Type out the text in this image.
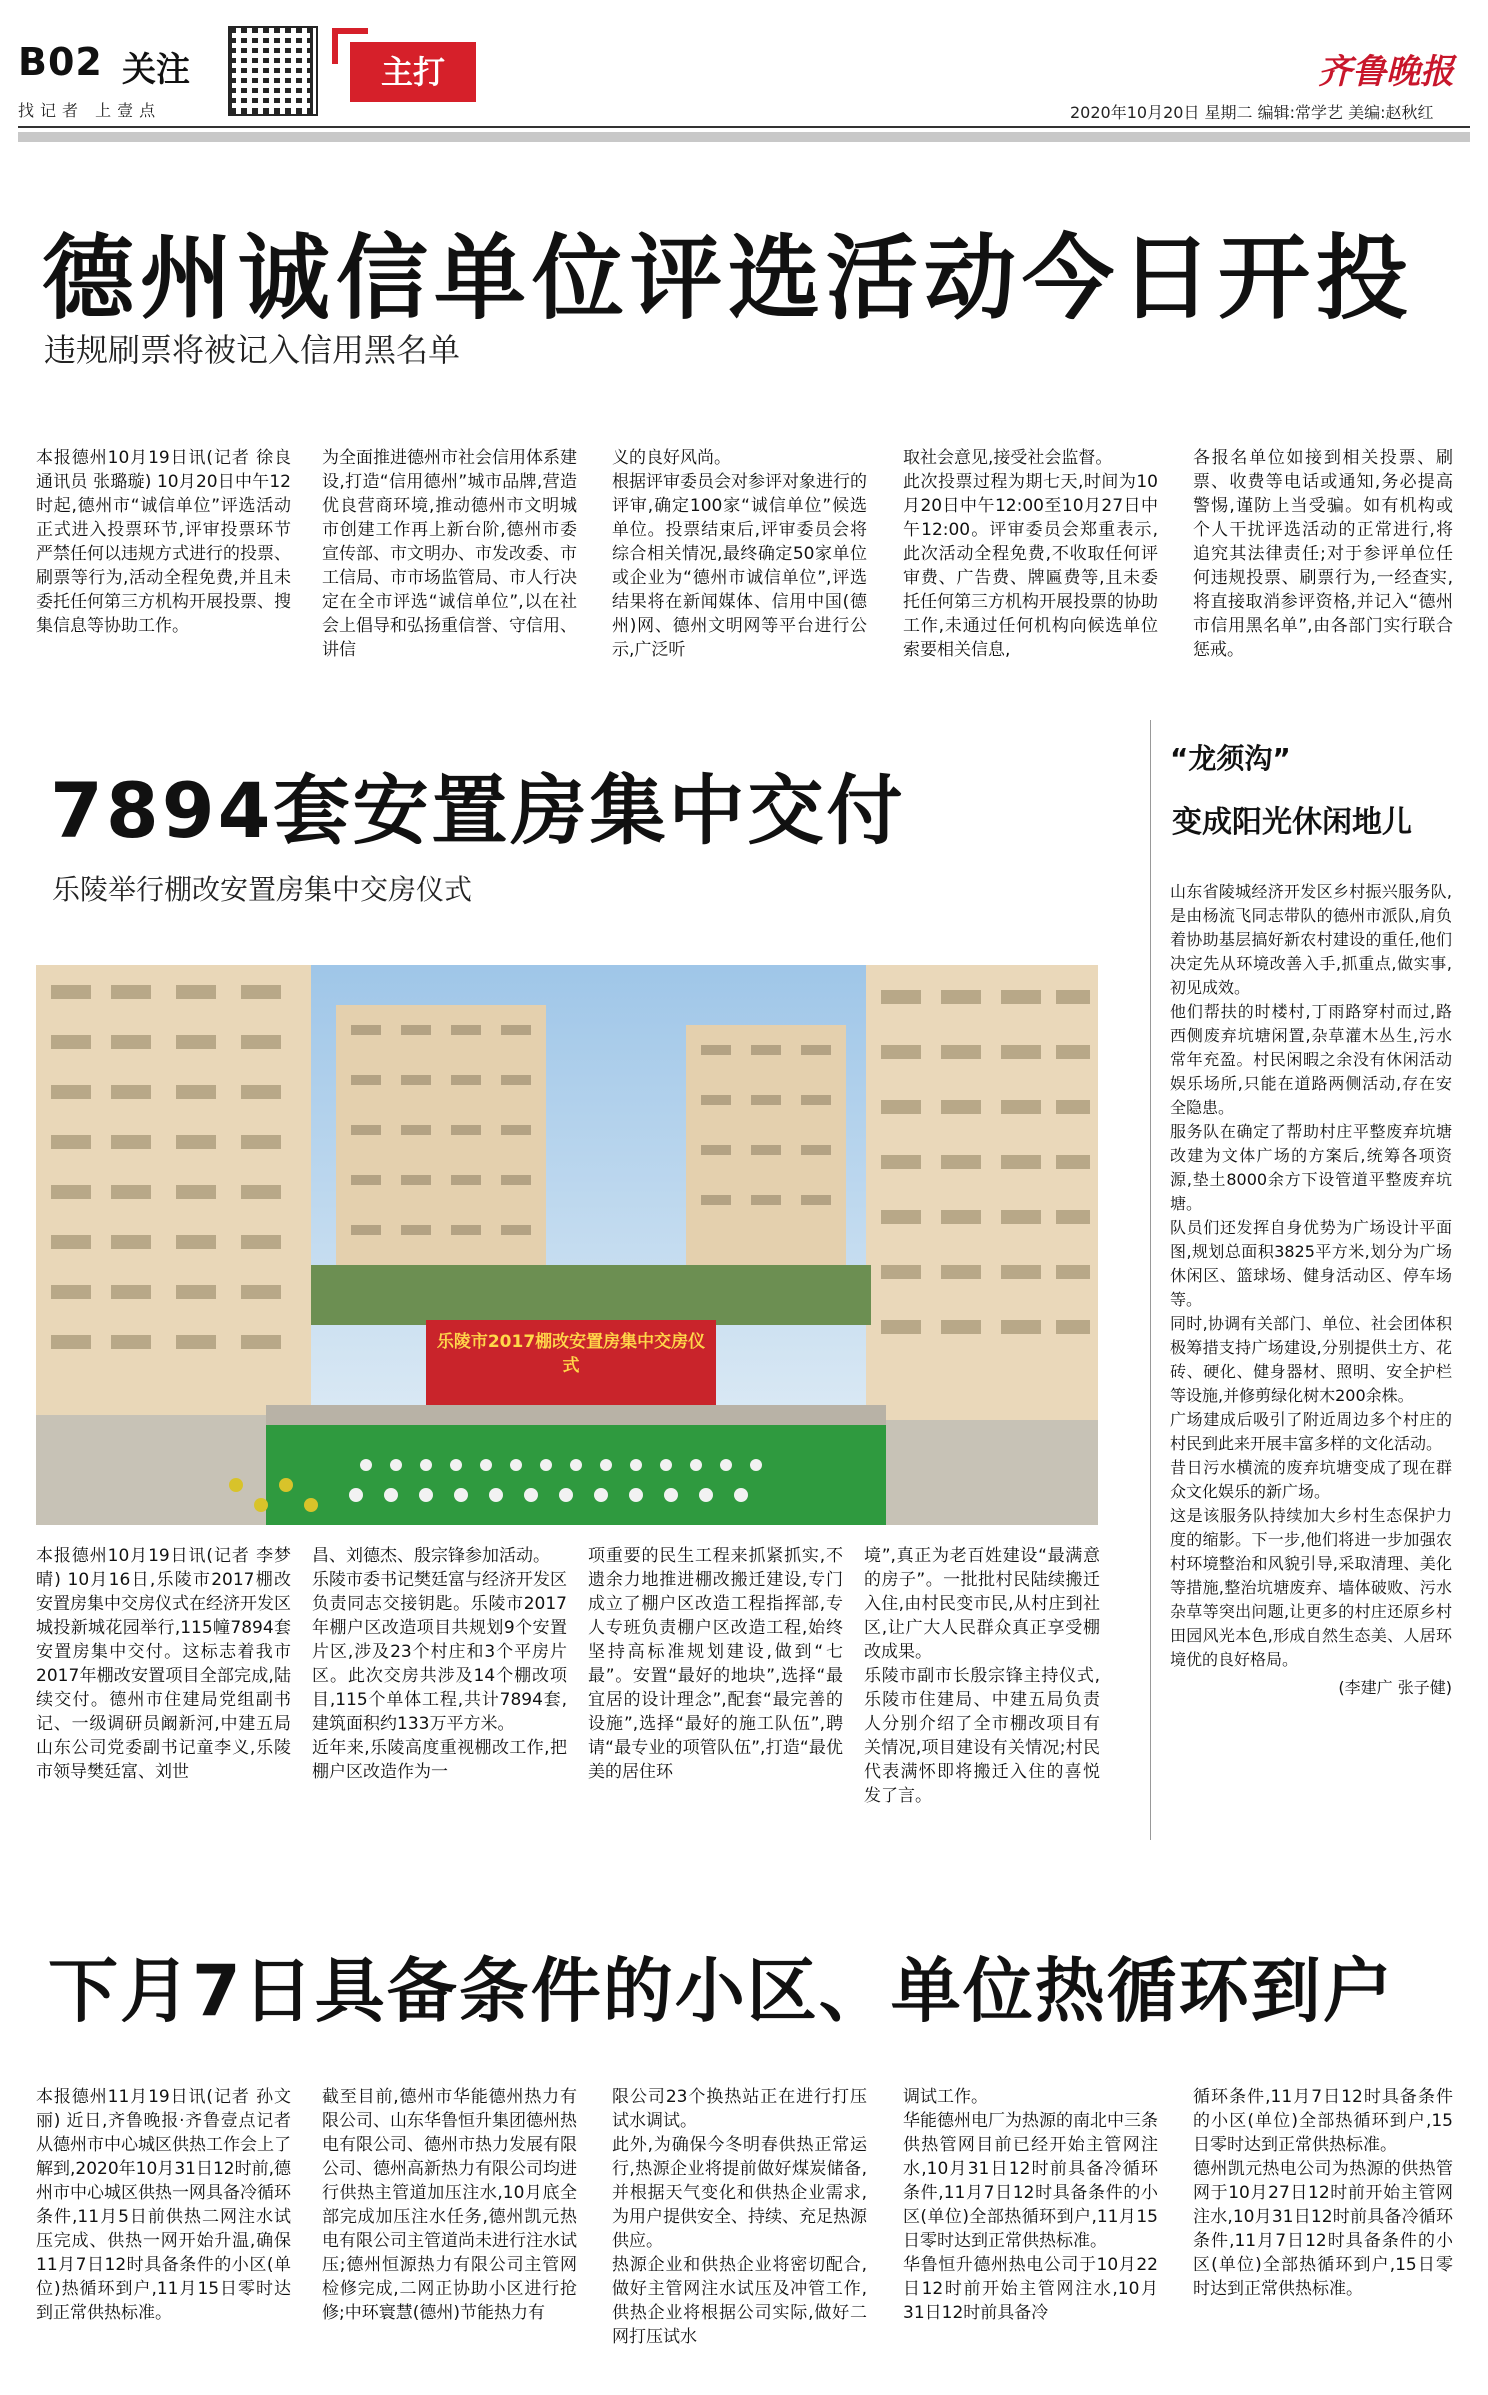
B02 关注
找记者 上壹点
主打	齐鲁晚报
2020年10月20日 星期二 编辑:常学艺 美编:赵秋红
德州诚信单位评选活动今日开投
违规刷票将被记入信用黑名单
本报德州10月19日讯(记者 徐良 通讯员 张璐璇) 10月20日中午12时起,德州市“诚信单位”评选活动正式进入投票环节,评审投票环节严禁任何以违规方式进行的投票、刷票等行为,活动全程免费,并且未委托任何第三方机构开展投票、搜集信息等协助工作。
为全面推进德州市社会信用体系建设,打造“信用德州”城市品牌,营造优良营商环境,推动德州市文明城市创建工作再上新台阶,德州市委宣传部、市文明办、市发改委、市工信局、市市场监管局、市人行决定在全市评选“诚信单位”,以在社会上倡导和弘扬重信誉、守信用、讲信
义的良好风尚。
根据评审委员会对参评对象进行的评审,确定100家“诚信单位”候选单位。投票结束后,评审委员会将综合相关情况,最终确定50家单位或企业为“德州市诚信单位”,评选结果将在新闻媒体、信用中国(德州)网、德州文明网等平台进行公示,广泛听
取社会意见,接受社会监督。
此次投票过程为期七天,时间为10月20日中午12:00至10月27日中午12:00。评审委员会郑重表示,此次活动全程免费,不收取任何评审费、广告费、牌匾费等,且未委托任何第三方机构开展投票的协助工作,未通过任何机构向候选单位索要相关信息,
各报名单位如接到相关投票、刷票、收费等电话或通知,务必提高警惕,谨防上当受骗。如有机构或个人干扰评选活动的正常进行,将追究其法律责任;对于参评单位任何违规投票、刷票行为,一经查实,将直接取消参评资格,并记入“德州市信用黑名单”,由各部门实行联合惩戒。
7894套安置房集中交付
乐陵举行棚改安置房集中交房仪式
乐陵市2017棚改安置房集中交房仪式
本报德州10月19日讯(记者 李梦晴) 10月16日,乐陵市2017棚改安置房集中交房仪式在经济开发区城投新城花园举行,115幢7894套安置房集中交付。这标志着我市2017年棚改安置项目全部完成,陆续交付。德州市住建局党组副书记、一级调研员阚新河,中建五局山东公司党委副书记童李义,乐陵市领导樊廷富、刘世
昌、刘德杰、殷宗锋参加活动。
乐陵市委书记樊廷富与经济开发区负责同志交接钥匙。乐陵市2017年棚户区改造项目共规划9个安置片区,涉及23个村庄和3个平房片区。此次交房共涉及14个棚改项目,115个单体工程,共计7894套,建筑面积约133万平方米。
近年来,乐陵高度重视棚改工作,把棚户区改造作为一
项重要的民生工程来抓紧抓实,不遗余力地推进棚改搬迁建设,专门成立了棚户区改造工程指挥部,专人专班负责棚户区改造工程,始终坚持高标准规划建设,做到“七最”。安置“最好的地块”,选择“最宜居的设计理念”,配套“最完善的设施”,选择“最好的施工队伍”,聘请“最专业的项管队伍”,打造“最优美的居住环
境”,真正为老百姓建设“最满意的房子”。一批批村民陆续搬迁入住,由村民变市民,从村庄到社区,让广大人民群众真正享受棚改成果。
乐陵市副市长殷宗锋主持仪式,乐陵市住建局、中建五局负责人分别介绍了全市棚改项目有关情况,项目建设有关情况;村民代表满怀即将搬迁入住的喜悦发了言。
“龙须沟”
变成阳光休闲地儿
山东省陵城经济开发区乡村振兴服务队,是由杨流飞同志带队的德州市派队,肩负着协助基层搞好新农村建设的重任,他们决定先从环境改善入手,抓重点,做实事,初见成效。
他们帮扶的时楼村,丁雨路穿村而过,路西侧废弃坑塘闲置,杂草灌木丛生,污水常年充盈。村民闲暇之余没有休闲活动娱乐场所,只能在道路两侧活动,存在安全隐患。
服务队在确定了帮助村庄平整废弃坑塘改建为文体广场的方案后,统筹各项资源,垫土8000余方下设管道平整废弃坑塘。
队员们还发挥自身优势为广场设计平面图,规划总面积3825平方米,划分为广场休闲区、篮球场、健身活动区、停车场等。
同时,协调有关部门、单位、社会团体积极筹措支持广场建设,分别提供土方、花砖、硬化、健身器材、照明、安全护栏等设施,并修剪绿化树木200余株。
广场建成后吸引了附近周边多个村庄的村民到此来开展丰富多样的文化活动。
昔日污水横流的废弃坑塘变成了现在群众文化娱乐的新广场。
这是该服务队持续加大乡村生态保护力度的缩影。下一步,他们将进一步加强农村环境整治和风貌引导,采取清理、美化等措施,整治坑塘废弃、墙体破败、污水杂草等突出问题,让更多的村庄还原乡村田园风光本色,形成自然生态美、人居环境优的良好格局。
(李建广 张子健)
下月7日具备条件的小区、单位热循环到户
本报德州11月19日讯(记者 孙文丽) 近日,齐鲁晚报·齐鲁壹点记者从德州市中心城区供热工作会上了解到,2020年10月31日12时前,德州市中心城区供热一网具备冷循环条件,11月5日前供热二网注水试压完成、供热一网开始升温,确保11月7日12时具备条件的小区(单位)热循环到户,11月15日零时达到正常供热标准。
截至目前,德州市华能德州热力有限公司、山东华鲁恒升集团德州热电有限公司、德州市热力发展有限公司、德州高新热力有限公司均进行供热主管道加压注水,10月底全部完成加压注水任务,德州凯元热电有限公司主管道尚未进行注水试压;德州恒源热力有限公司主管网检修完成,二网正协助小区进行抢修;中环寰慧(德州)节能热力有
限公司23个换热站正在进行打压试水调试。
此外,为确保今冬明春供热正常运行,热源企业将提前做好煤炭储备,并根据天气变化和供热企业需求,为用户提供安全、持续、充足热源供应。
热源企业和供热企业将密切配合,做好主管网注水试压及冲管工作,供热企业将根据公司实际,做好二网打压试水
调试工作。
华能德州电厂为热源的南北中三条供热管网目前已经开始主管网注水,10月31日12时前具备冷循环条件,11月7日12时具备条件的小区(单位)全部热循环到户,11月15日零时达到正常供热标准。
华鲁恒升德州热电公司于10月22日12时前开始主管网注水,10月31日12时前具备冷
循环条件,11月7日12时具备条件的小区(单位)全部热循环到户,15日零时达到正常供热标准。
德州凯元热电公司为热源的供热管网于10月27日12时前开始主管网注水,10月31日12时前具备冷循环条件,11月7日12时具备条件的小区(单位)全部热循环到户,15日零时达到正常供热标准。
